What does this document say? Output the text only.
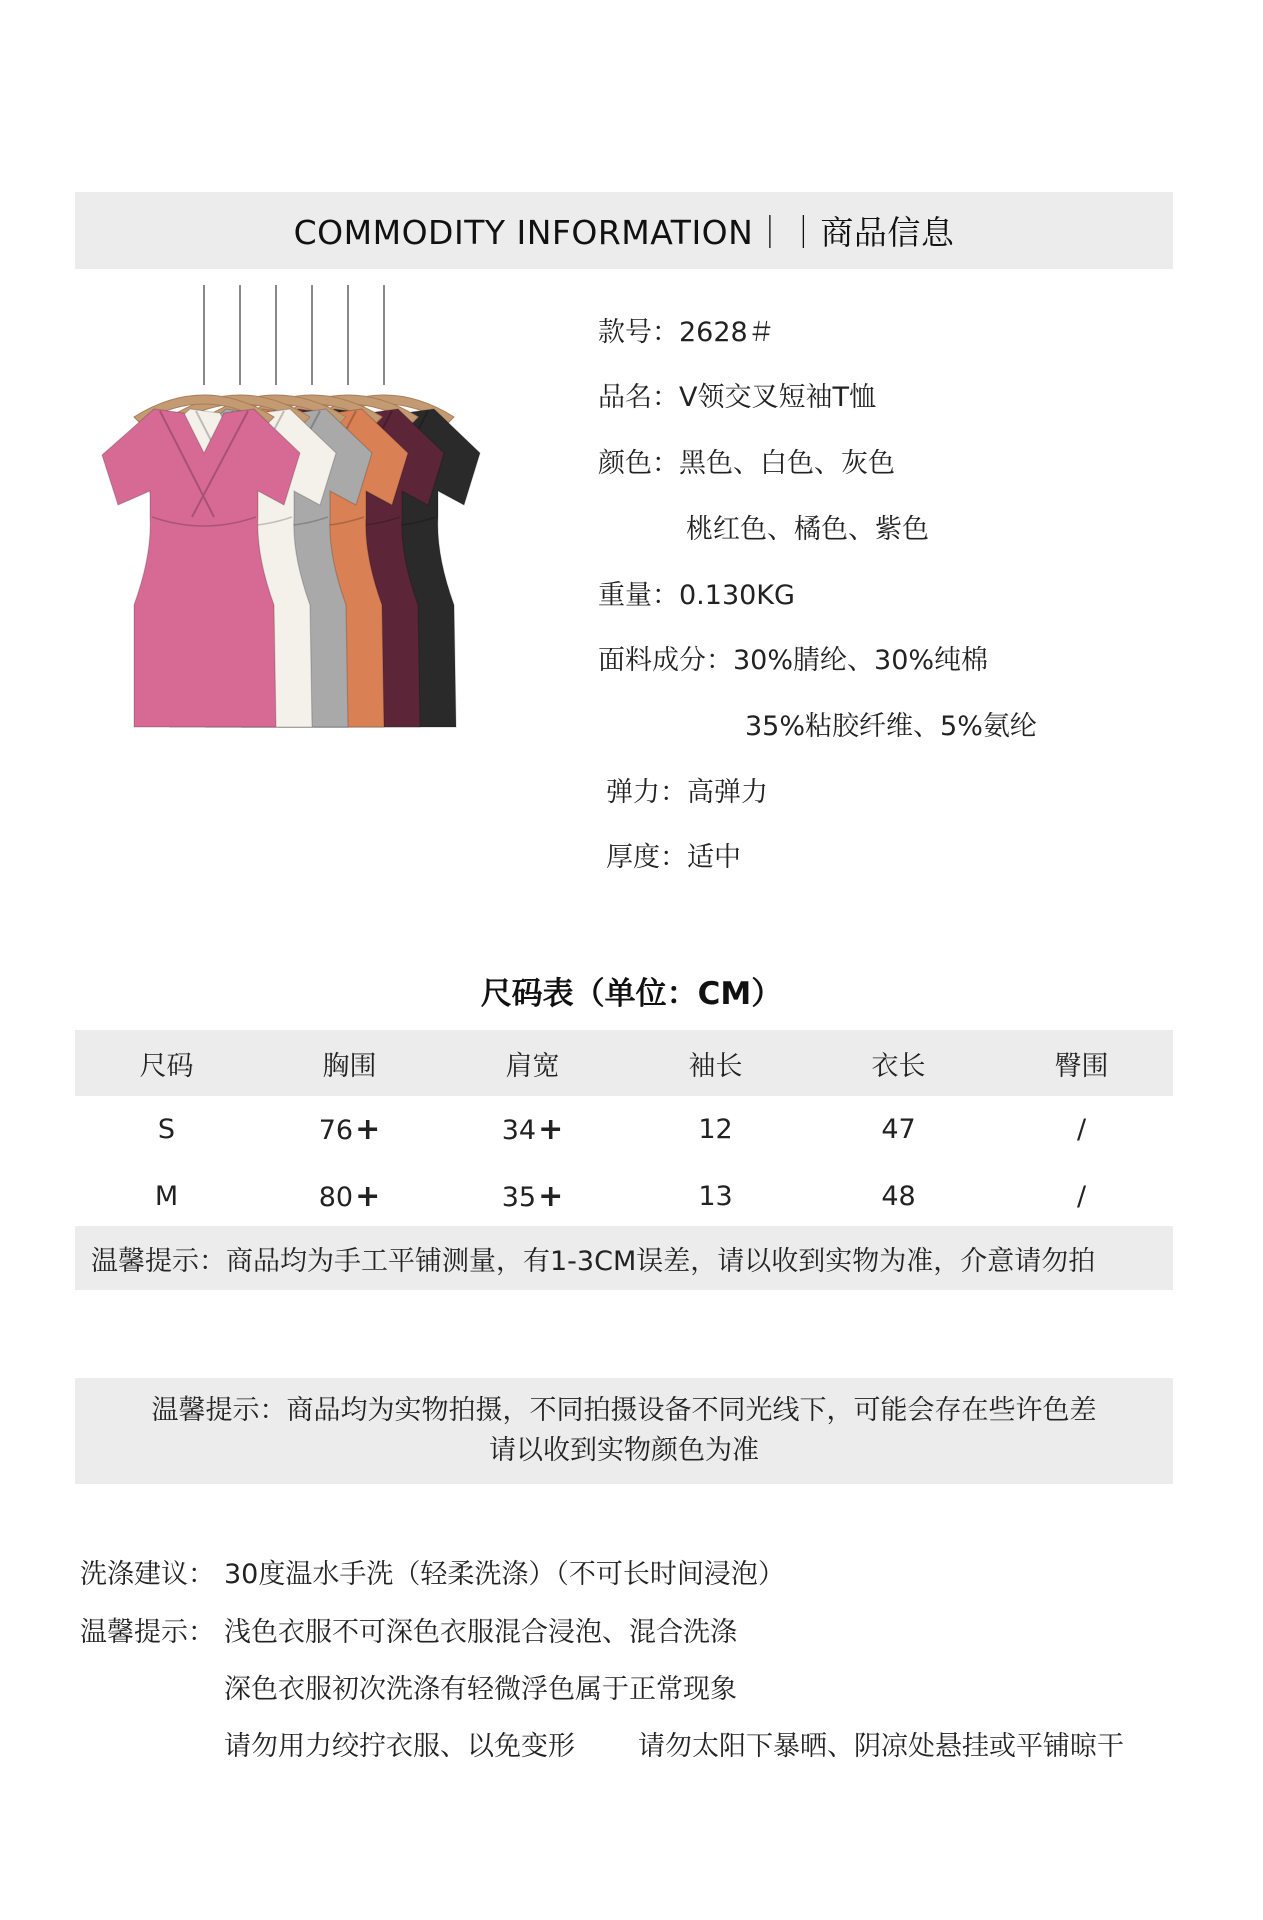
COMMODITY INFORMATION｜｜商品信息
款号：2628＃
品名：V领交叉短袖T恤
颜色：黑色、白色、灰色
桃红色、橘色、紫色
重量：0.130KG
面料成分：30%腈纶、30%纯棉
35%粘胶纤维、5%氨纶
弹力：高弹力
厚度：适中
尺码表（单位：CM）
尺码	胸围	肩宽	袖长	衣长	臀围
S	76+	34+	12	47	/
M	80+	35+	13	48	/
温馨提示：商品均为手工平铺测量，有1-3CM误差，请以收到实物为准，介意请勿拍
温馨提示：商品均为实物拍摄，不同拍摄设备不同光线下，可能会存在些许色差
请以收到实物颜色为准
洗涤建议： 30度温水手洗（轻柔洗涤）（不可长时间浸泡）
温馨提示： 浅色衣服不可深色衣服混合浸泡、混合洗涤
深色衣服初次洗涤有轻微浮色属于正常现象
请勿用力绞拧衣服、以免变形 请勿太阳下暴晒、阴凉处悬挂或平铺晾干
